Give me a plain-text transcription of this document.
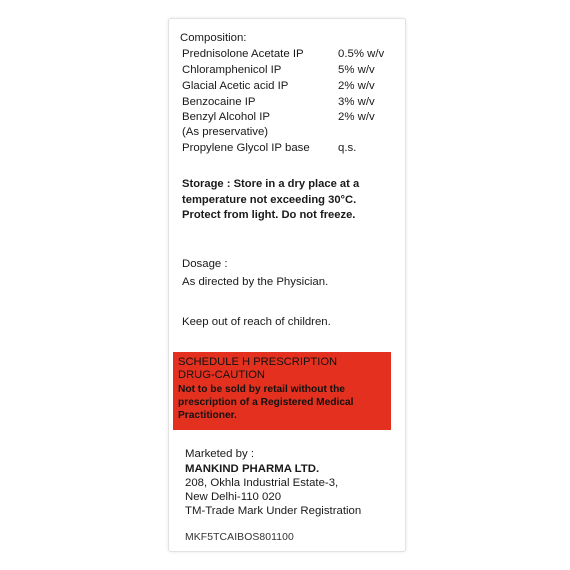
Composition:
Prednisolone Acetate IP	0.5% w/v
Chloramphenicol IP	5% w/v
Glacial Acetic acid IP	2% w/v
Benzocaine IP	3% w/v
Benzyl Alcohol IP	2% w/v
(As preservative)
Propylene Glycol IP base q.s.
Storage : Store in a dry place at a
temperature not exceeding 30°C.
Protect from light. Do not freeze.
Dosage :
As directed by the Physician.
Keep out of reach of children.
SCHEDULE H PRESCRIPTION
DRUG-CAUTION
Not to be sold by retail without the
prescription of a Registered Medical
Practitioner.
Marketed by :
MANKIND PHARMA LTD.
208, Okhla Industrial Estate-3,
New Delhi-110 020
TM-Trade Mark Under Registration
MKF5TCAIBOS801100
